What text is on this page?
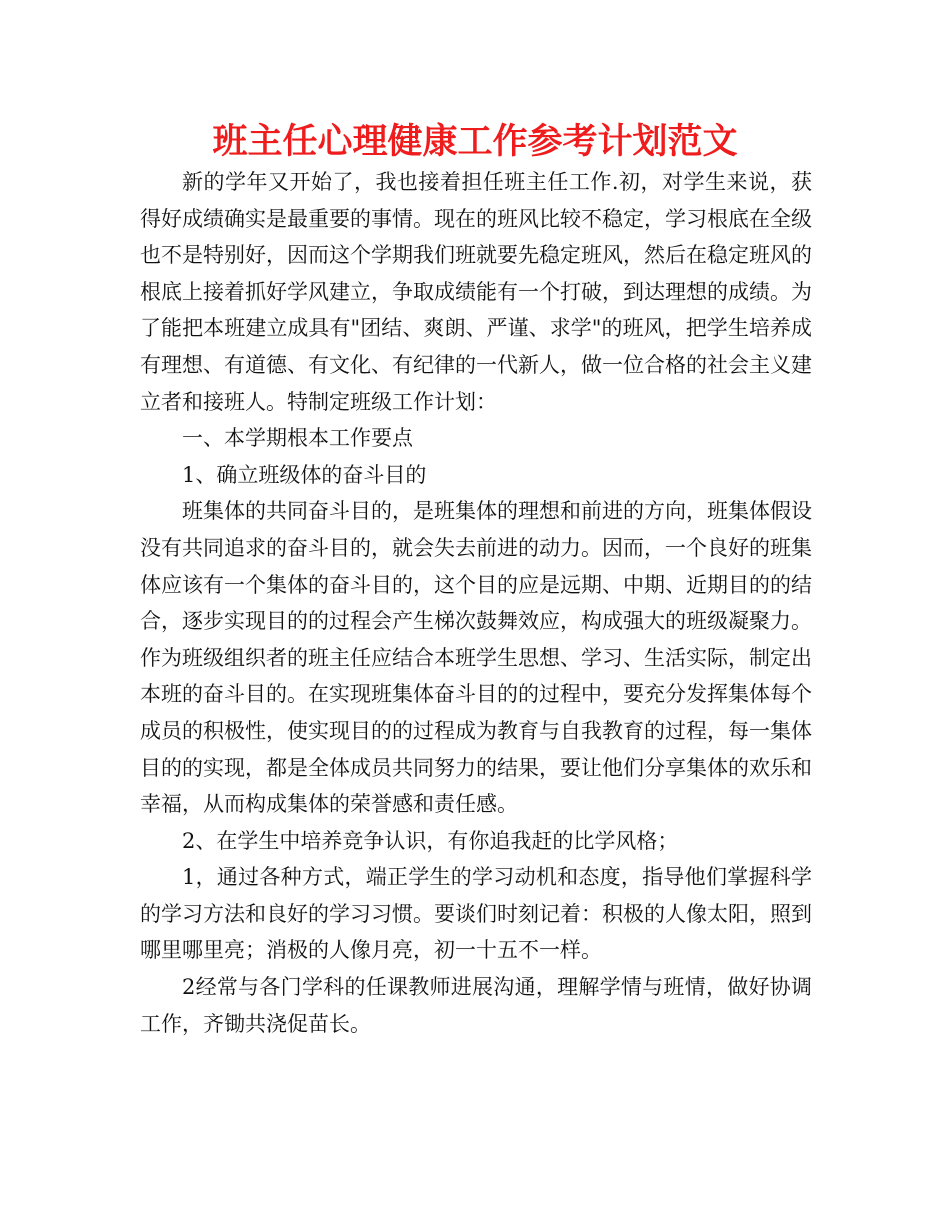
班主任心理健康工作参考计划范文

新的学年又开始了，我也接着担任班主任工作.初，对学生来说，获得好成绩确实是最重要的事情。现在的班风比较不稳定，学习根底在全级也不是特别好，因而这个学期我们班就要先稳定班风，然后在稳定班风的根底上接着抓好学风建立，争取成绩能有一个打破，到达理想的成绩。为了能把本班建立成具有"团结、爽朗、严谨、求学"的班风，把学生培养成有理想、有道德、有文化、有纪律的一代新人，做一位合格的社会主义建立者和接班人。特制定班级工作计划：

一、本学期根本工作要点

1、确立班级体的奋斗目的

班集体的共同奋斗目的，是班集体的理想和前进的方向，班集体假设没有共同追求的奋斗目的，就会失去前进的动力。因而，一个良好的班集体应该有一个集体的奋斗目的，这个目的应是远期、中期、近期目的的结合，逐步实现目的的过程会产生梯次鼓舞效应，构成强大的班级凝聚力。作为班级组织者的班主任应结合本班学生思想、学习、生活实际，制定出本班的奋斗目的。在实现班集体奋斗目的的过程中，要充分发挥集体每个成员的积极性，使实现目的的过程成为教育与自我教育的过程，每一集体目的的实现，都是全体成员共同努力的结果，要让他们分享集体的欢乐和幸福，从而构成集体的荣誉感和责任感。

2、在学生中培养竞争认识，有你追我赶的比学风格；

1，通过各种方式，端正学生的学习动机和态度，指导他们掌握科学的学习方法和良好的学习习惯。要谈们时刻记着：积极的人像太阳，照到哪里哪里亮；消极的人像月亮，初一十五不一样。

2经常与各门学科的任课教师进展沟通，理解学情与班情，做好协调工作，齐锄共浇促苗长。
